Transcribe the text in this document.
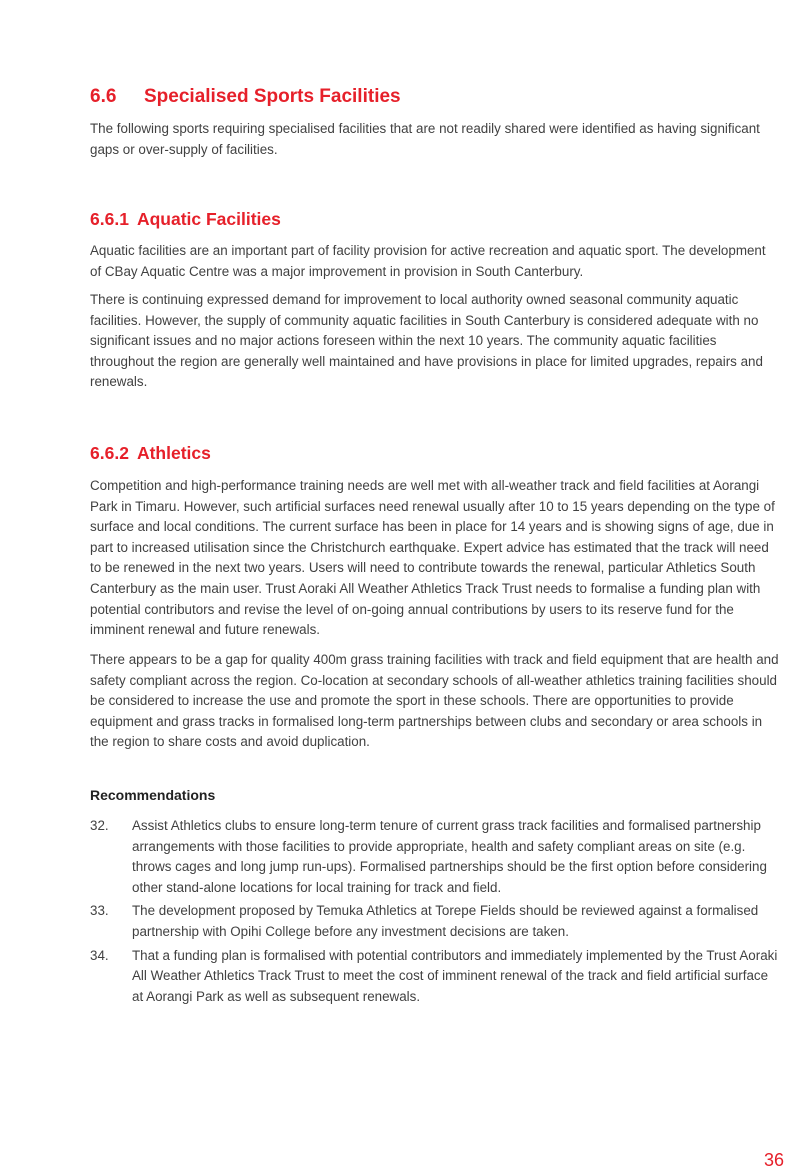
6.6 Specialised Sports Facilities

The following sports requiring specialised facilities that are not readily shared were identified as having significant gaps or over-supply of facilities.

6.6.1 Aquatic Facilities

Aquatic facilities are an important part of facility provision for active recreation and aquatic sport. The development of CBay Aquatic Centre was a major improvement in provision in South Canterbury.

There is continuing expressed demand for improvement to local authority owned seasonal community aquatic facilities. However, the supply of community aquatic facilities in South Canterbury is considered adequate with no significant issues and no major actions foreseen within the next 10 years. The community aquatic facilities throughout the region are generally well maintained and have provisions in place for limited upgrades, repairs and renewals.

6.6.2 Athletics

Competition and high-performance training needs are well met with all-weather track and field facilities at Aorangi Park in Timaru. However, such artificial surfaces need renewal usually after 10 to 15 years depending on the type of surface and local conditions. The current surface has been in place for 14 years and is showing signs of age, due in part to increased utilisation since the Christchurch earthquake. Expert advice has estimated that the track will need to be renewed in the next two years. Users will need to contribute towards the renewal, particular Athletics South Canterbury as the main user. Trust Aoraki All Weather Athletics Track Trust needs to formalise a funding plan with potential contributors and revise the level of on-going annual contributions by users to its reserve fund for the imminent renewal and future renewals.

There appears to be a gap for quality 400m grass training facilities with track and field equipment that are health and safety compliant across the region. Co-location at secondary schools of all-weather athletics training facilities should be considered to increase the use and promote the sport in these schools. There are opportunities to provide equipment and grass tracks in formalised long-term partnerships between clubs and secondary or area schools in the region to share costs and avoid duplication.

Recommendations
32. Assist Athletics clubs to ensure long-term tenure of current grass track facilities and formalised partnership arrangements with those facilities to provide appropriate, health and safety compliant areas on site (e.g. throws cages and long jump run-ups). Formalised partnerships should be the first option before considering other stand-alone locations for local training for track and field.
33. The development proposed by Temuka Athletics at Torepe Fields should be reviewed against a formalised partnership with Opihi College before any investment decisions are taken.
34. That a funding plan is formalised with potential contributors and immediately implemented by the Trust Aoraki All Weather Athletics Track Trust to meet the cost of imminent renewal of the track and field artificial surface at Aorangi Park as well as subsequent renewals.
36
